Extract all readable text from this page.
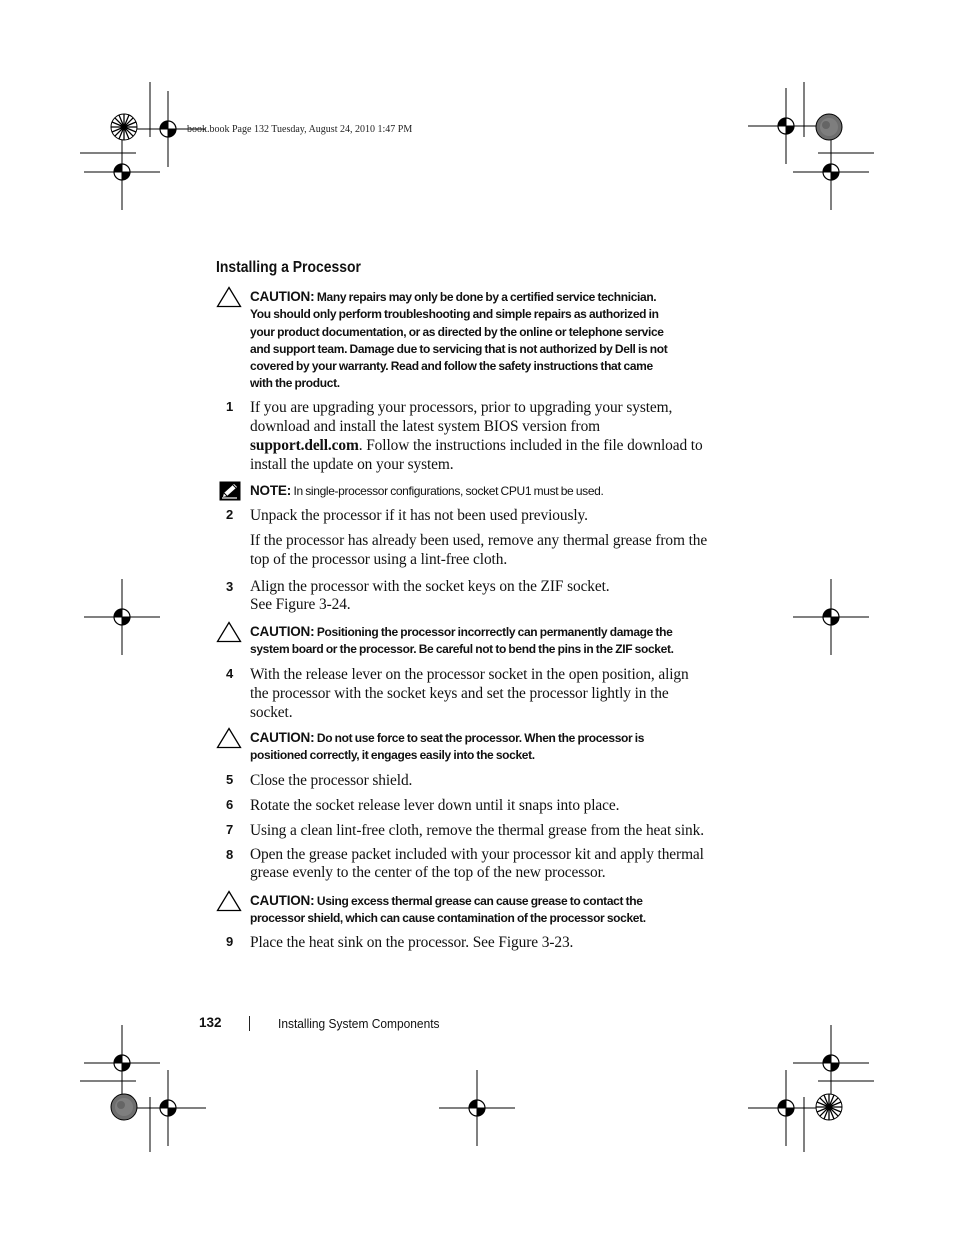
book.book Page 132 Tuesday, August 24, 2010 1:47 PM
Installing a Processor
CAUTION: Many repairs may only be done by a certified service technician.
You should only perform troubleshooting and simple repairs as authorized in
your product documentation, or as directed by the online or telephone service
and support team. Damage due to servicing that is not authorized by Dell is not
covered by your warranty. Read and follow the safety instructions that came
with the product.
1 If you are upgrading your processors, prior to upgrading your system,
download and install the latest system BIOS version from
support.dell.com. Follow the instructions included in the file download to
install the update on your system.
NOTE: In single-processor configurations, socket CPU1 must be used.
2 Unpack the processor if it has not been used previously.
If the processor has already been used, remove any thermal grease from the
top of the processor using a lint-free cloth.
3 Align the processor with the socket keys on the ZIF socket.
See Figure 3-24.
CAUTION: Positioning the processor incorrectly can permanently damage the
system board or the processor. Be careful not to bend the pins in the ZIF socket.
4 With the release lever on the processor socket in the open position, align
the processor with the socket keys and set the processor lightly in the
socket.
CAUTION: Do not use force to seat the processor. When the processor is
positioned correctly, it engages easily into the socket.
5 Close the processor shield.
6 Rotate the socket release lever down until it snaps into place.
7 Using a clean lint-free cloth, remove the thermal grease from the heat sink.
8 Open the grease packet included with your processor kit and apply thermal
grease evenly to the center of the top of the new processor.
CAUTION: Using excess thermal grease can cause grease to contact the
processor shield, which can cause contamination of the processor socket.
9 Place the heat sink on the processor. See Figure 3-23.
132	Installing System Components
